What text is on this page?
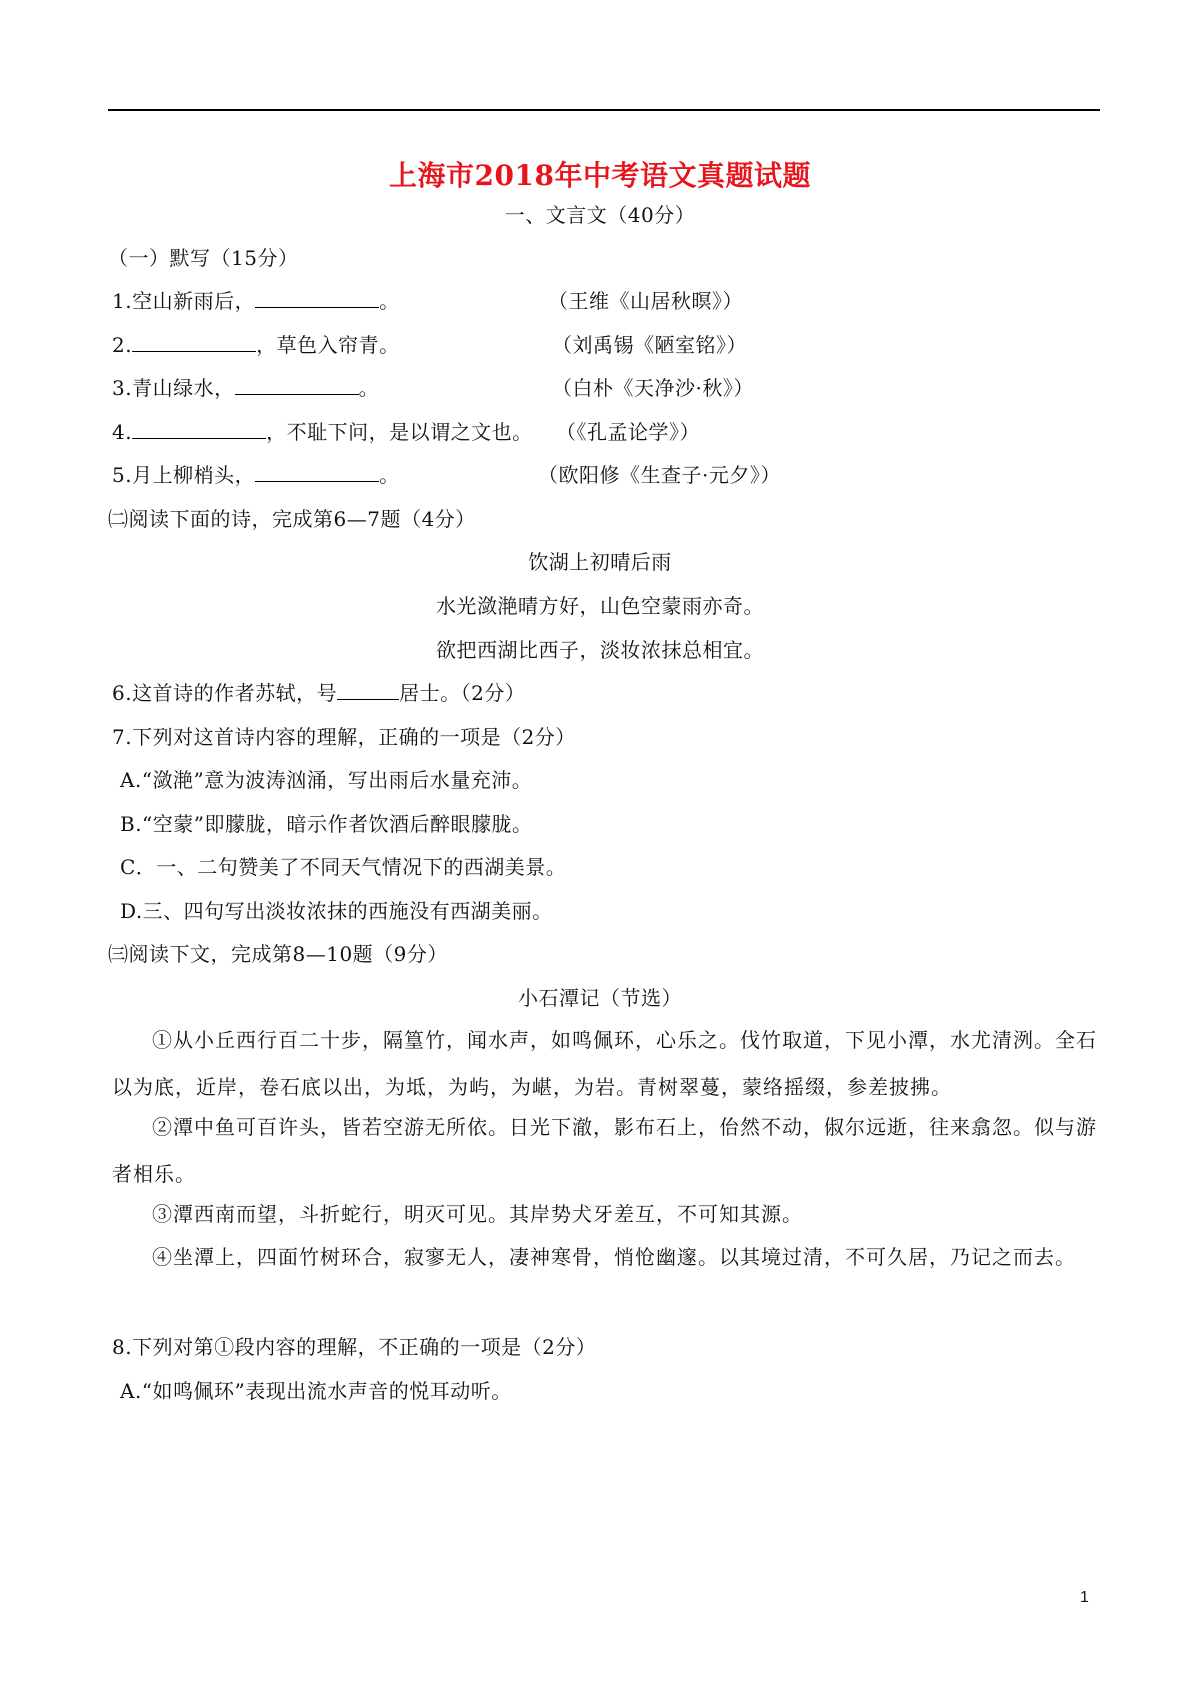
上海市2018年中考语文真题试题
一、文言文（40分）
（一）默写（15分）
1.空山新雨后，	。	（王维《山居秋暝》）
2.	，草色入帘青。	（刘禹锡《陋室铭》）
3.青山绿水，	。	（白朴《天净沙·秋》）
4.	，不耻下问，是以谓之文也。 （《孔孟论学》）
5.月上柳梢头，	。	（欧阳修《生查子·元夕》）
㈡阅读下面的诗，完成第6—7题（4分）
饮湖上初晴后雨
水光潋滟晴方好，山色空蒙雨亦奇。
欲把西湖比西子，淡妆浓抹总相宜。
6.这首诗的作者苏轼，号	居士。（2分）
7.下列对这首诗内容的理解，正确的一项是（2分）
A.“潋滟”意为波涛汹涌，写出雨后水量充沛。
B.“空蒙”即朦胧，暗示作者饮酒后醉眼朦胧。
C．一、二句赞美了不同天气情况下的西湖美景。
D.三、四句写出淡妆浓抹的西施没有西湖美丽。
㈢阅读下文，完成第8—10题（9分）
小石潭记（节选）
①从小丘西行百二十步，隔篁竹，闻水声，如鸣佩环，心乐之。伐竹取道，下见小潭，水尤清洌。全石以为底，近岸，卷石底以出，为坻，为屿，为嵁，为岩。青树翠蔓，蒙络摇缀，参差披拂。
②潭中鱼可百许头，皆若空游无所依。日光下澈，影布石上，佁然不动，俶尔远逝，往来翕忽。似与游者相乐。
③潭西南而望，斗折蛇行，明灭可见。其岸势犬牙差互，不可知其源。
④坐潭上，四面竹树环合，寂寥无人，凄神寒骨，悄怆幽邃。以其境过清，不可久居，乃记之而去。
8.下列对第①段内容的理解，不正确的一项是（2分）
A.“如鸣佩环”表现出流水声音的悦耳动听。
1
